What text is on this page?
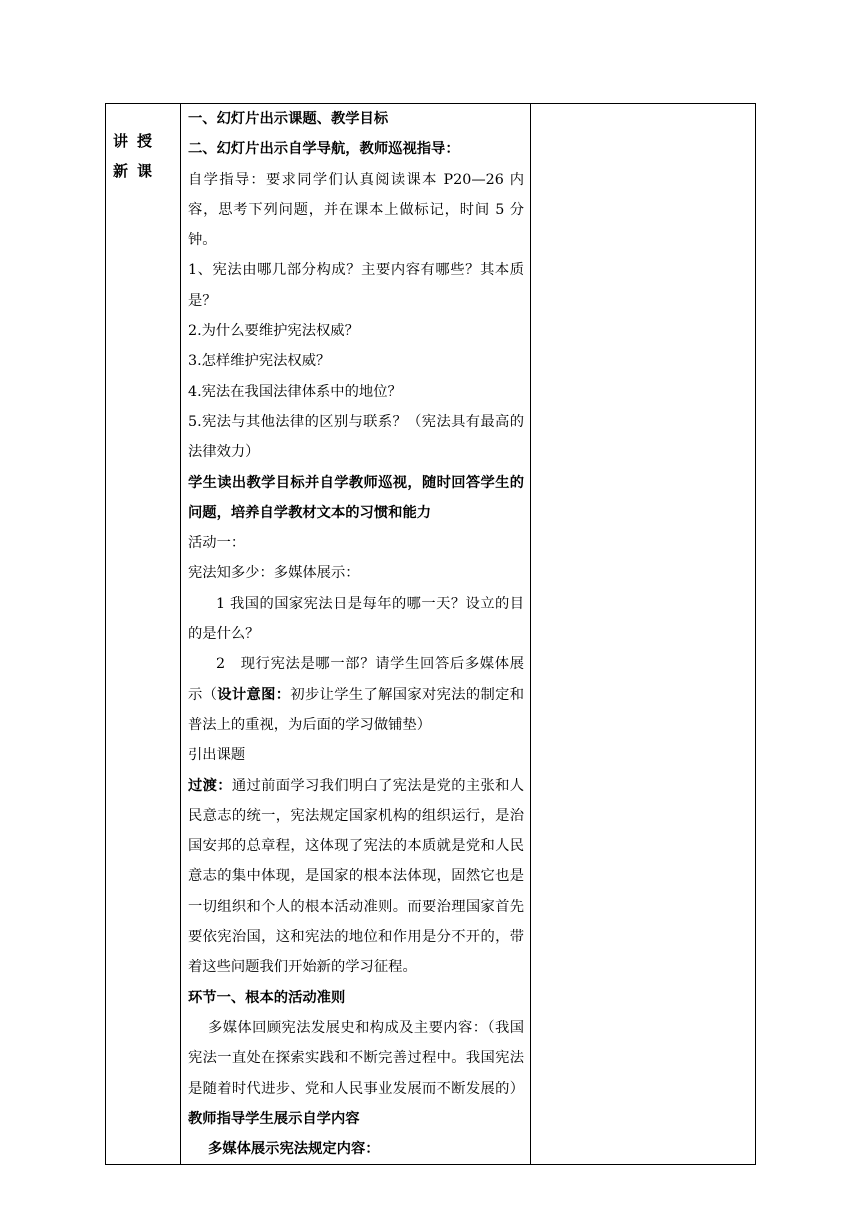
讲授新课

一、幻灯片出示课题、教学目标

二、幻灯片出示自学导航，教师巡视指导：

自学指导：要求同学们认真阅读课本 P20—26 内容，思考下列问题，并在课本上做标记，时间 5 分钟。

1、宪法由哪几部分构成？主要内容有哪些？其本质是？

2.为什么要维护宪法权威？

3.怎样维护宪法权威？

4.宪法在我国法律体系中的地位？

5.宪法与其他法律的区别与联系？（宪法具有最高的法律效力）

学生读出教学目标并自学教师巡视，随时回答学生的问题，培养自学教材文本的习惯和能力

活动一：

宪法知多少：多媒体展示：

1 我国的国家宪法日是每年的哪一天？设立的目的是什么？

2　现行宪法是哪一部？请学生回答后多媒体展示（设计意图：初步让学生了解国家对宪法的制定和普法上的重视，为后面的学习做铺垫）

引出课题

过渡：通过前面学习我们明白了宪法是党的主张和人民意志的统一，宪法规定国家机构的组织运行，是治国安邦的总章程，这体现了宪法的本质就是党和人民意志的集中体现，是国家的根本法体现，固然它也是一切组织和个人的根本活动准则。而要治理国家首先要依宪治国，这和宪法的地位和作用是分不开的，带着这些问题我们开始新的学习征程。

环节一、根本的活动准则

多媒体回顾宪法发展史和构成及主要内容：（我国宪法一直处在探索实践和不断完善过程中。我国宪法是随着时代进步、党和人民事业发展而不断发展的）教师指导学生展示自学内容

多媒体展示宪法规定内容：
